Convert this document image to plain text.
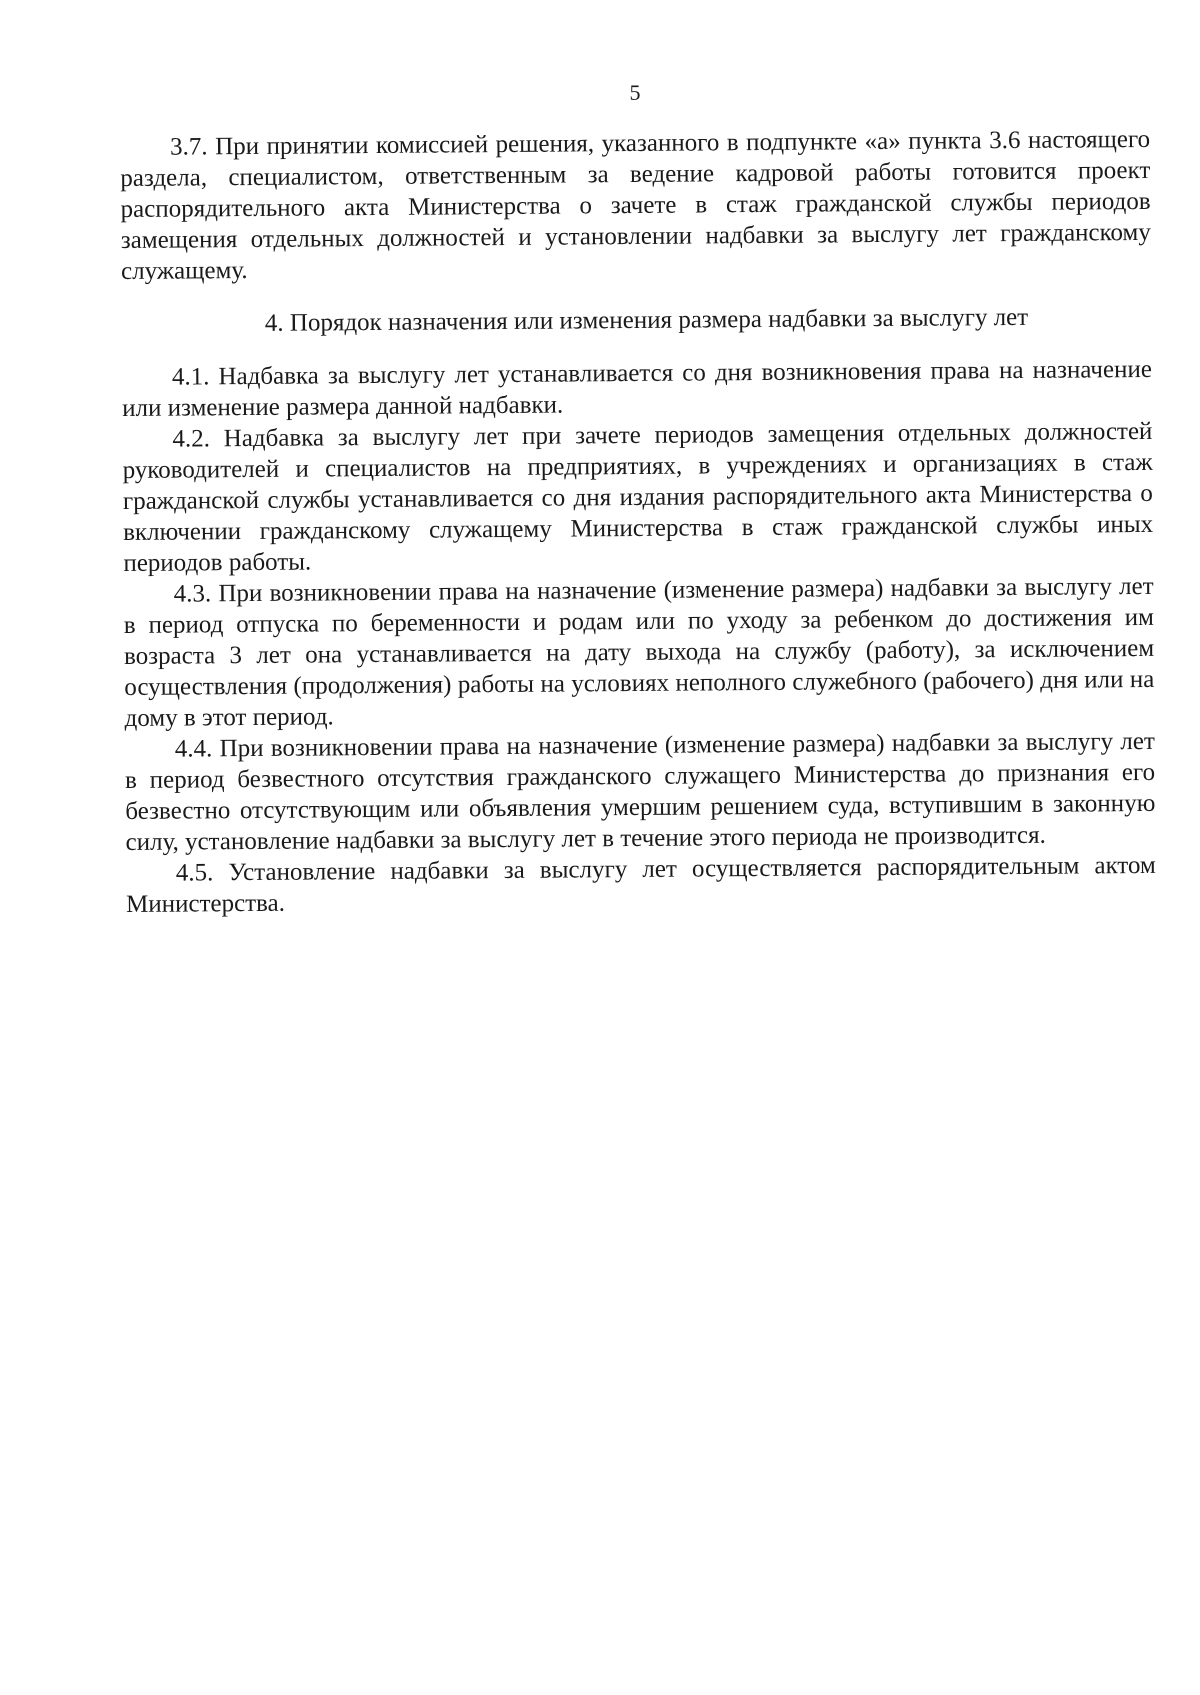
5

3.7. При принятии комиссией решения, указанного в подпункте «а» пункта 3.6 настоящего раздела, специалистом, ответственным за ведение кадровой работы готовится проект распорядительного акта Министерства о зачете в стаж гражданской службы периодов замещения отдельных должностей и установлении надбавки за выслугу лет гражданскому служащему.

4. Порядок назначения или изменения размера надбавки за выслугу лет

4.1. Надбавка за выслугу лет устанавливается со дня возникновения права на назначение или изменение размера данной надбавки.

4.2. Надбавка за выслугу лет при зачете периодов замещения отдельных должностей руководителей и специалистов на предприятиях, в учреждениях и организациях в стаж гражданской службы устанавливается со дня издания распорядительного акта Министерства о включении гражданскому служащему Министерства в стаж гражданской службы иных периодов работы.

4.3. При возникновении права на назначение (изменение размера) надбавки за выслугу лет в период отпуска по беременности и родам или по уходу за ребенком до достижения им возраста 3 лет она устанавливается на дату выхода на службу (работу), за исключением осуществления (продолжения) работы на условиях неполного служебного (рабочего) дня или на дому в этот период.

4.4. При возникновении права на назначение (изменение размера) надбавки за выслугу лет в период безвестного отсутствия гражданского служащего Министерства до признания его безвестно отсутствующим или объявления умершим решением суда, вступившим в законную силу, установление надбавки за выслугу лет в течение этого периода не производится.

4.5. Установление надбавки за выслугу лет осуществляется распорядительным актом Министерства.
